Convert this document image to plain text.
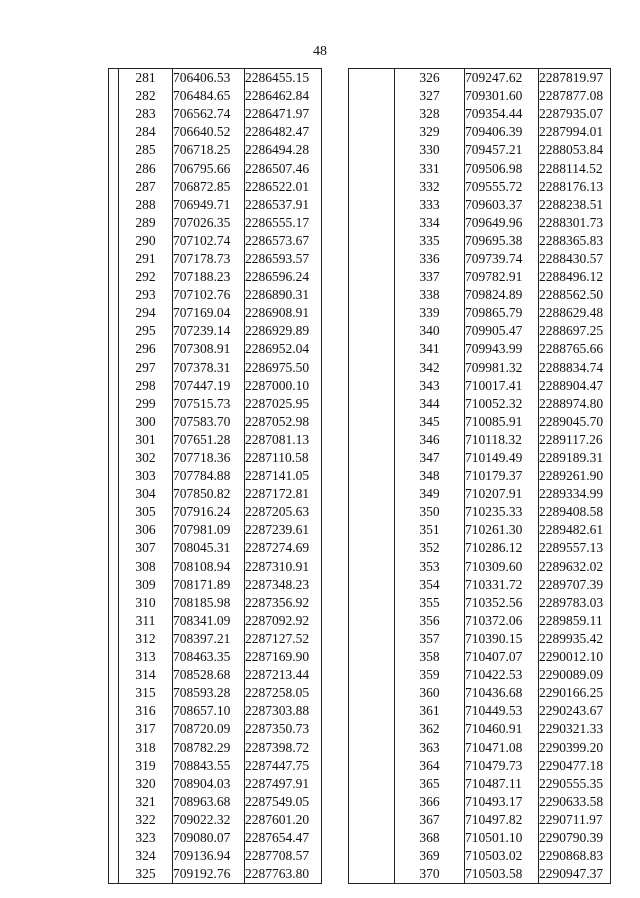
48
	281	706406.53	2286455.15
	282	706484.65	2286462.84
	283	706562.74	2286471.97
	284	706640.52	2286482.47
	285	706718.25	2286494.28
	286	706795.66	2286507.46
	287	706872.85	2286522.01
	288	706949.71	2286537.91
	289	707026.35	2286555.17
	290	707102.74	2286573.67
	291	707178.73	2286593.57
	292	707188.23	2286596.24
	293	707102.76	2286890.31
	294	707169.04	2286908.91
	295	707239.14	2286929.89
	296	707308.91	2286952.04
	297	707378.31	2286975.50
	298	707447.19	2287000.10
	299	707515.73	2287025.95
	300	707583.70	2287052.98
	301	707651.28	2287081.13
	302	707718.36	2287110.58
	303	707784.88	2287141.05
	304	707850.82	2287172.81
	305	707916.24	2287205.63
	306	707981.09	2287239.61
	307	708045.31	2287274.69
	308	708108.94	2287310.91
	309	708171.89	2287348.23
	310	708185.98	2287356.92
	311	708341.09	2287092.92
	312	708397.21	2287127.52
	313	708463.35	2287169.90
	314	708528.68	2287213.44
	315	708593.28	2287258.05
	316	708657.10	2287303.88
	317	708720.09	2287350.73
	318	708782.29	2287398.72
	319	708843.55	2287447.75
	320	708904.03	2287497.91
	321	708963.68	2287549.05
	322	709022.32	2287601.20
	323	709080.07	2287654.47
	324	709136.94	2287708.57
	325	709192.76	2287763.80
	326	709247.62	2287819.97
	327	709301.60	2287877.08
	328	709354.44	2287935.07
	329	709406.39	2287994.01
	330	709457.21	2288053.84
	331	709506.98	2288114.52
	332	709555.72	2288176.13
	333	709603.37	2288238.51
	334	709649.96	2288301.73
	335	709695.38	2288365.83
	336	709739.74	2288430.57
	337	709782.91	2288496.12
	338	709824.89	2288562.50
	339	709865.79	2288629.48
	340	709905.47	2288697.25
	341	709943.99	2288765.66
	342	709981.32	2288834.74
	343	710017.41	2288904.47
	344	710052.32	2288974.80
	345	710085.91	2289045.70
	346	710118.32	2289117.26
	347	710149.49	2289189.31
	348	710179.37	2289261.90
	349	710207.91	2289334.99
	350	710235.33	2289408.58
	351	710261.30	2289482.61
	352	710286.12	2289557.13
	353	710309.60	2289632.02
	354	710331.72	2289707.39
	355	710352.56	2289783.03
	356	710372.06	2289859.11
	357	710390.15	2289935.42
	358	710407.07	2290012.10
	359	710422.53	2290089.09
	360	710436.68	2290166.25
	361	710449.53	2290243.67
	362	710460.91	2290321.33
	363	710471.08	2290399.20
	364	710479.73	2290477.18
	365	710487.11	2290555.35
	366	710493.17	2290633.58
	367	710497.82	2290711.97
	368	710501.10	2290790.39
	369	710503.02	2290868.83
	370	710503.58	2290947.37
